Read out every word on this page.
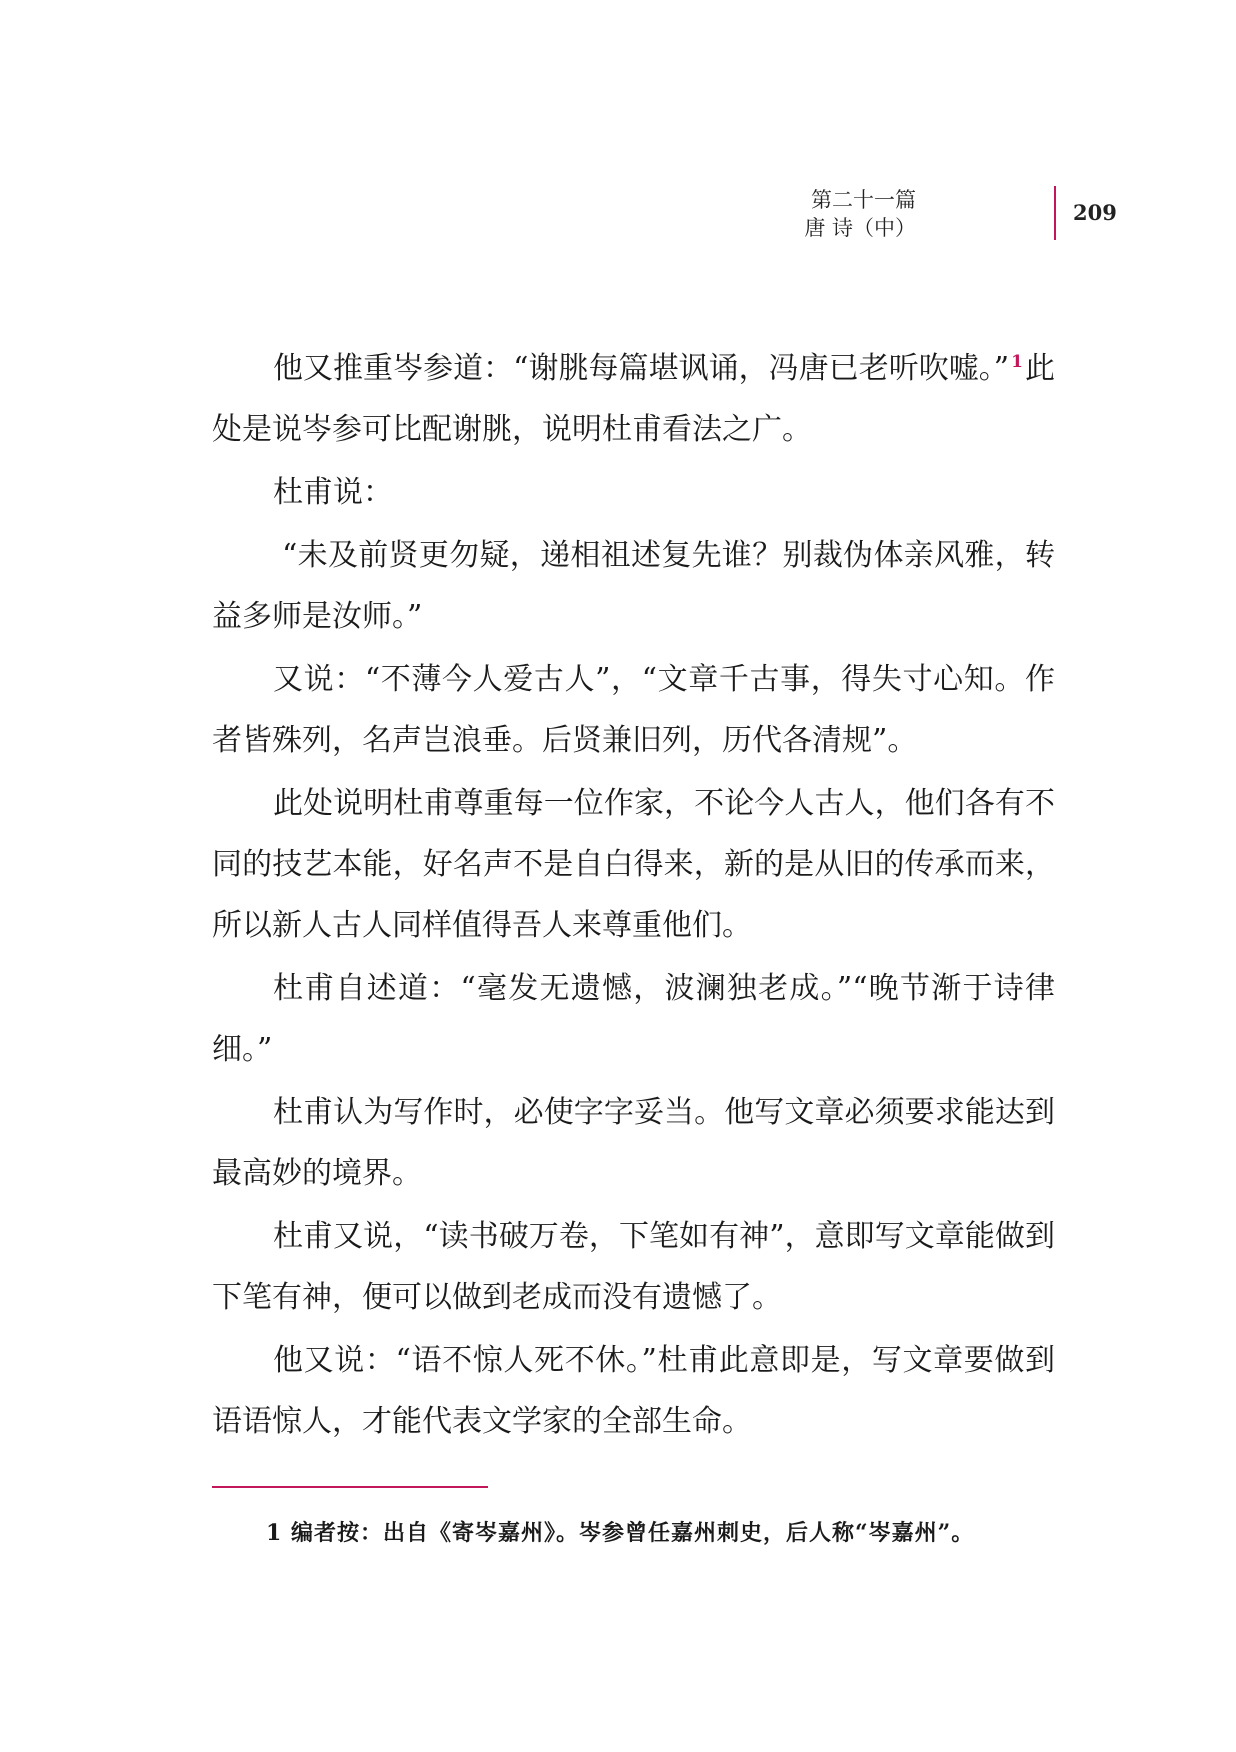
第二十一篇
唐 诗（中）
209

他又推重岑参道：“谢朓每篇堪讽诵，冯唐已老听吹嘘。” $^1$此处是说岑参可比配谢朓，说明杜甫看法之广。

杜甫说：

“未及前贤更勿疑，递相祖述复先谁？别裁伪体亲风雅，转益多师是汝师。”

又说：“不薄今人爱古人”，“文章千古事，得失寸心知。作者皆殊列，名声岂浪垂。后贤兼旧列，历代各清规”。

此处说明杜甫尊重每一位作家，不论今人古人，他们各有不同的技艺本能，好名声不是自白得来，新的是从旧的传承而来，所以新人古人同样值得吾人来尊重他们。

杜甫自述道：“毫发无遗憾，波澜独老成。”“晚节渐于诗律细。”

杜甫认为写作时，必使字字妥当。他写文章必须要求能达到最高妙的境界。

杜甫又说，“读书破万卷，下笔如有神”，意即写文章能做到下笔有神，便可以做到老成而没有遗憾了。

他又说：“语不惊人死不休。”杜甫此意即是，写文章要做到语语惊人，才能代表文学家的全部生命。

1 编者按：出自《寄岑嘉州》。岑参曾任嘉州刺史，后人称“岑嘉州”。
